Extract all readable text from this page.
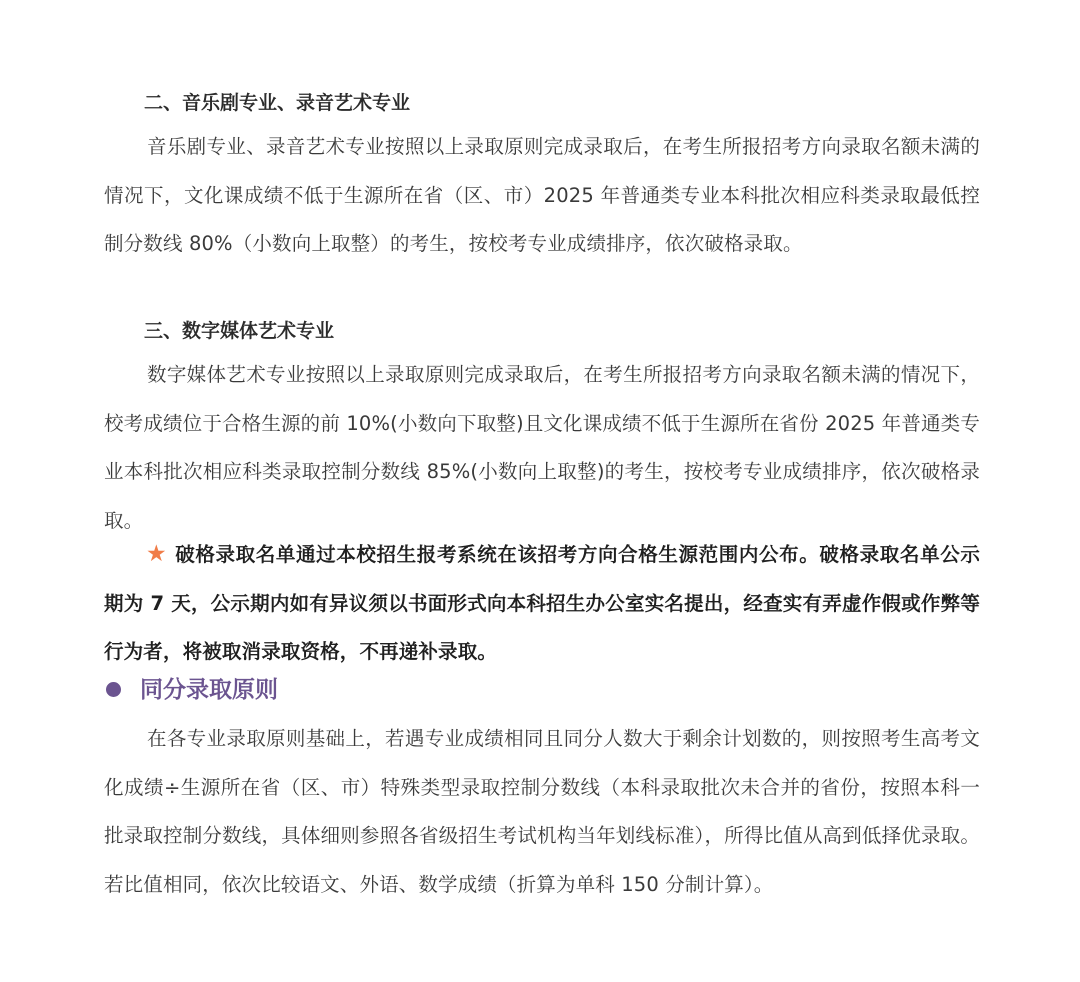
二、音乐剧专业、录音艺术专业

音乐剧专业、录音艺术专业按照以上录取原则完成录取后，在考生所报招考方向录取名额未满的情况下，文化课成绩不低于生源所在省（区、市）2025 年普通类专业本科批次相应科类录取最低控制分数线 80%（小数向上取整）的考生，按校考专业成绩排序，依次破格录取。

三、数字媒体艺术专业

数字媒体艺术专业按照以上录取原则完成录取后，在考生所报招考方向录取名额未满的情况下，校考成绩位于合格生源的前 10%(小数向下取整)且文化课成绩不低于生源所在省份 2025 年普通类专业本科批次相应科类录取控制分数线 85%(小数向上取整)的考生，按校考专业成绩排序，依次破格录取。

★ 破格录取名单通过本校招生报考系统在该招考方向合格生源范围内公布。破格录取名单公示期为 7 天，公示期内如有异议须以书面形式向本科招生办公室实名提出，经查实有弄虚作假或作弊等行为者，将被取消录取资格，不再递补录取。

同分录取原则

在各专业录取原则基础上，若遇专业成绩相同且同分人数大于剩余计划数的，则按照考生高考文化成绩÷生源所在省（区、市）特殊类型录取控制分数线（本科录取批次未合并的省份，按照本科一批录取控制分数线，具体细则参照各省级招生考试机构当年划线标准），所得比值从高到低择优录取。若比值相同，依次比较语文、外语、数学成绩（折算为单科 150 分制计算）。
